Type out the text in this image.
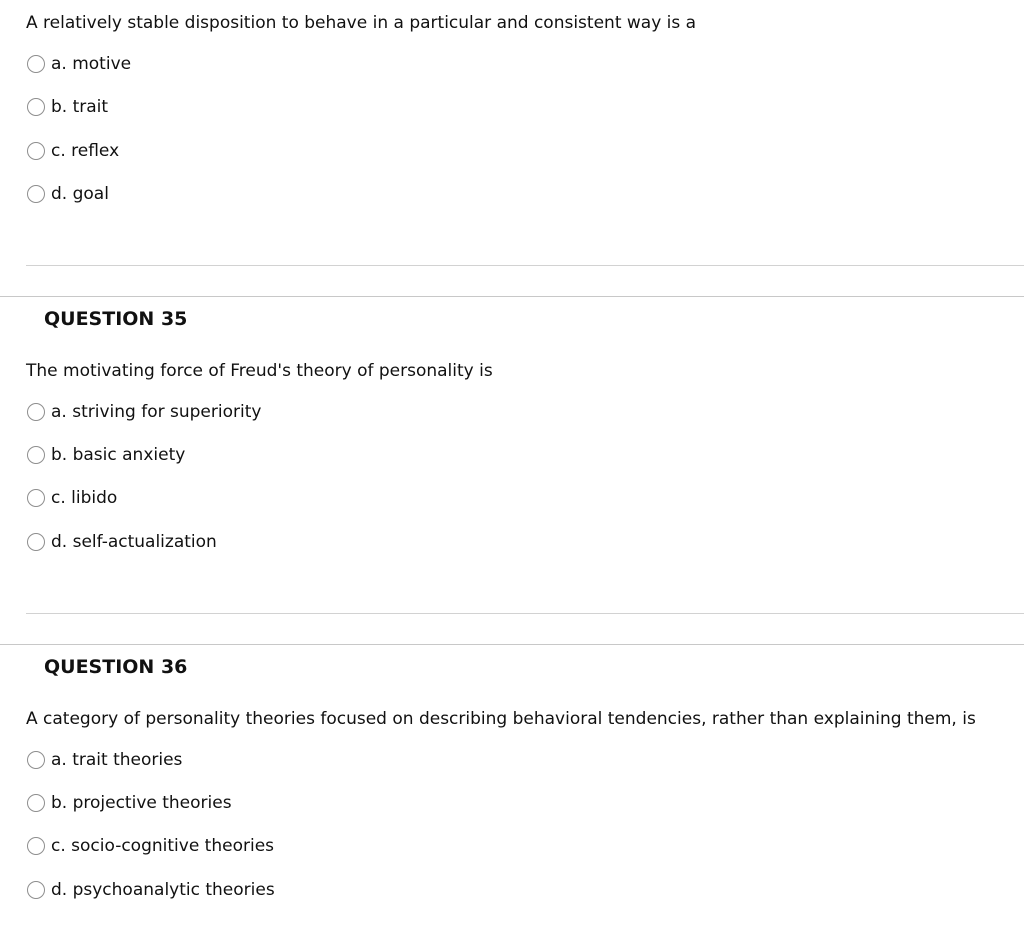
A relatively stable disposition to behave in a particular and consistent way is a
a. motive
b. trait
c. reflex
d. goal
QUESTION 35
The motivating force of Freud's theory of personality is
a. striving for superiority
b. basic anxiety
c. libido
d. self-actualization
QUESTION 36
A category of personality theories focused on describing behavioral tendencies, rather than explaining them, is
a. trait theories
b. projective theories
c. socio-cognitive theories
d. psychoanalytic theories
